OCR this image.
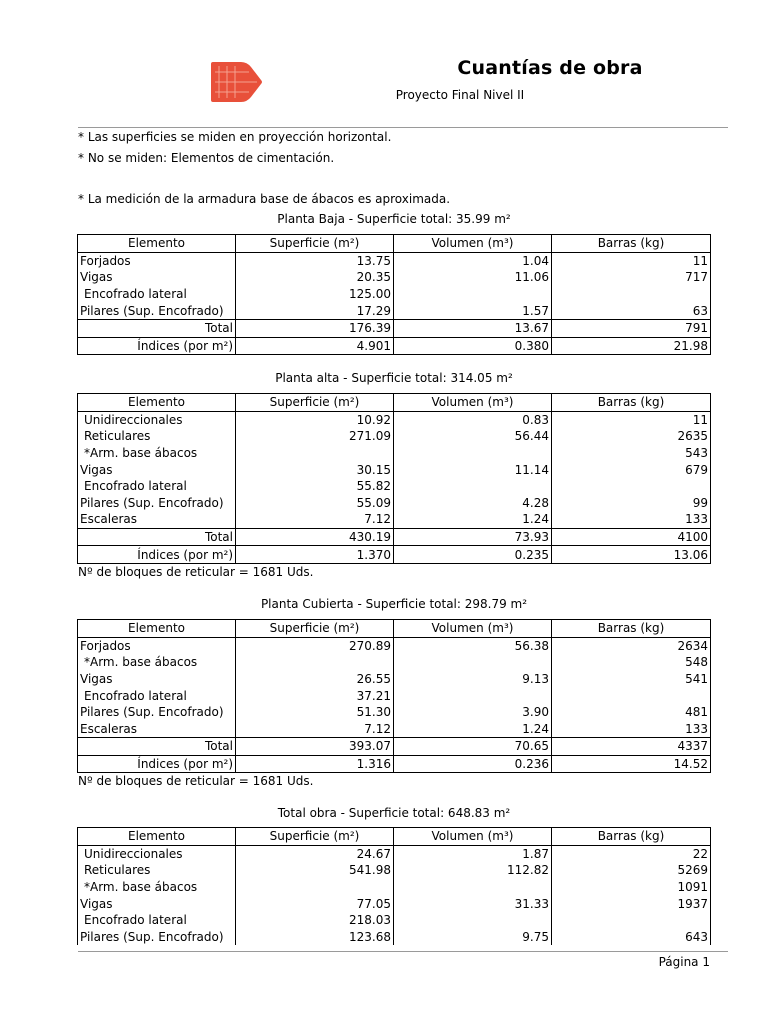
Cuantías de obra
Proyecto Final Nivel II
* Las superficies se miden en proyección horizontal.
* No se miden: Elementos de cimentación.
* La medición de la armadura base de ábacos es aproximada.
Planta Baja - Superficie total: 35.99 m²
Elemento	Superficie (m²)	Volumen (m³)	Barras (kg)
Forjados	13.75	1.04	11
Vigas	20.35	11.06	717
Encofrado lateral	125.00		
Pilares (Sup. Encofrado)	17.29	1.57	63
Total	176.39	13.67	791
Índices (por m²)	4.901	0.380	21.98
Planta alta - Superficie total: 314.05 m²
Elemento	Superficie (m²)	Volumen (m³)	Barras (kg)
Unidireccionales	10.92	0.83	11
Reticulares	271.09	56.44	2635
*Arm. base ábacos			543
Vigas	30.15	11.14	679
Encofrado lateral	55.82		
Pilares (Sup. Encofrado)	55.09	4.28	99
Escaleras	7.12	1.24	133
Total	430.19	73.93	4100
Índices (por m²)	1.370	0.235	13.06
Nº de bloques de reticular = 1681 Uds.
Planta Cubierta - Superficie total: 298.79 m²
Elemento	Superficie (m²)	Volumen (m³)	Barras (kg)
Forjados	270.89	56.38	2634
*Arm. base ábacos			548
Vigas	26.55	9.13	541
Encofrado lateral	37.21		
Pilares (Sup. Encofrado)	51.30	3.90	481
Escaleras	7.12	1.24	133
Total	393.07	70.65	4337
Índices (por m²)	1.316	0.236	14.52
Nº de bloques de reticular = 1681 Uds.
Total obra - Superficie total: 648.83 m²
Elemento	Superficie (m²)	Volumen (m³)	Barras (kg)
Unidireccionales	24.67	1.87	22
Reticulares	541.98	112.82	5269
*Arm. base ábacos			1091
Vigas	77.05	31.33	1937
Encofrado lateral	218.03		
Pilares (Sup. Encofrado)	123.68	9.75	643
Página 1
